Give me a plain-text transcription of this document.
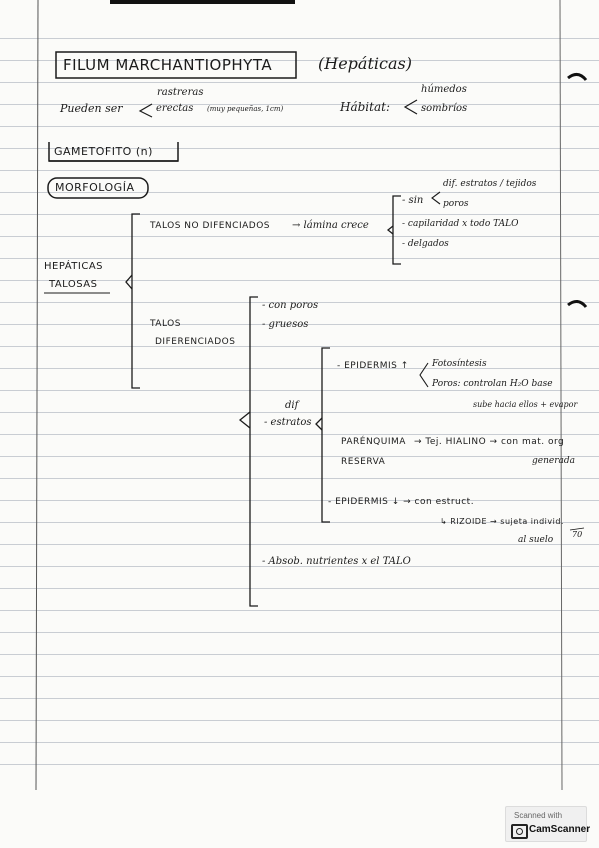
70
FILUM MARCHANTIOPHYTA	(Hepáticas)
Pueden ser
rastreras
erectas (muy pequeñas, 1cm)	Hábitat:
húmedos
sombríos
GAMETOFITO (n)
MORFOLOGÍA
HEPÁTICAS
TALOSAS
TALOS NO DIFENCIADOS → lámina crece
- sin
dif. estratos / tejidos
poros
- capilaridad x todo TALO
- delgados
TALOS
DIFERENCIADOS
- con poros
- gruesos
dif
- estratos
- EPIDERMIS ↑	Fotosíntesis
Poros: controlan H₂O base
sube hacia ellos + evapor
PARÉNQUIMA
RESERVA
→ Tej. HIALINO → con mat. org
generada
- EPIDERMIS ↓ → con estruct.
↳ RIZOIDE → sujeta individ.
al suelo
- Absob. nutrientes x el TALO
Scanned with
CamScanner
